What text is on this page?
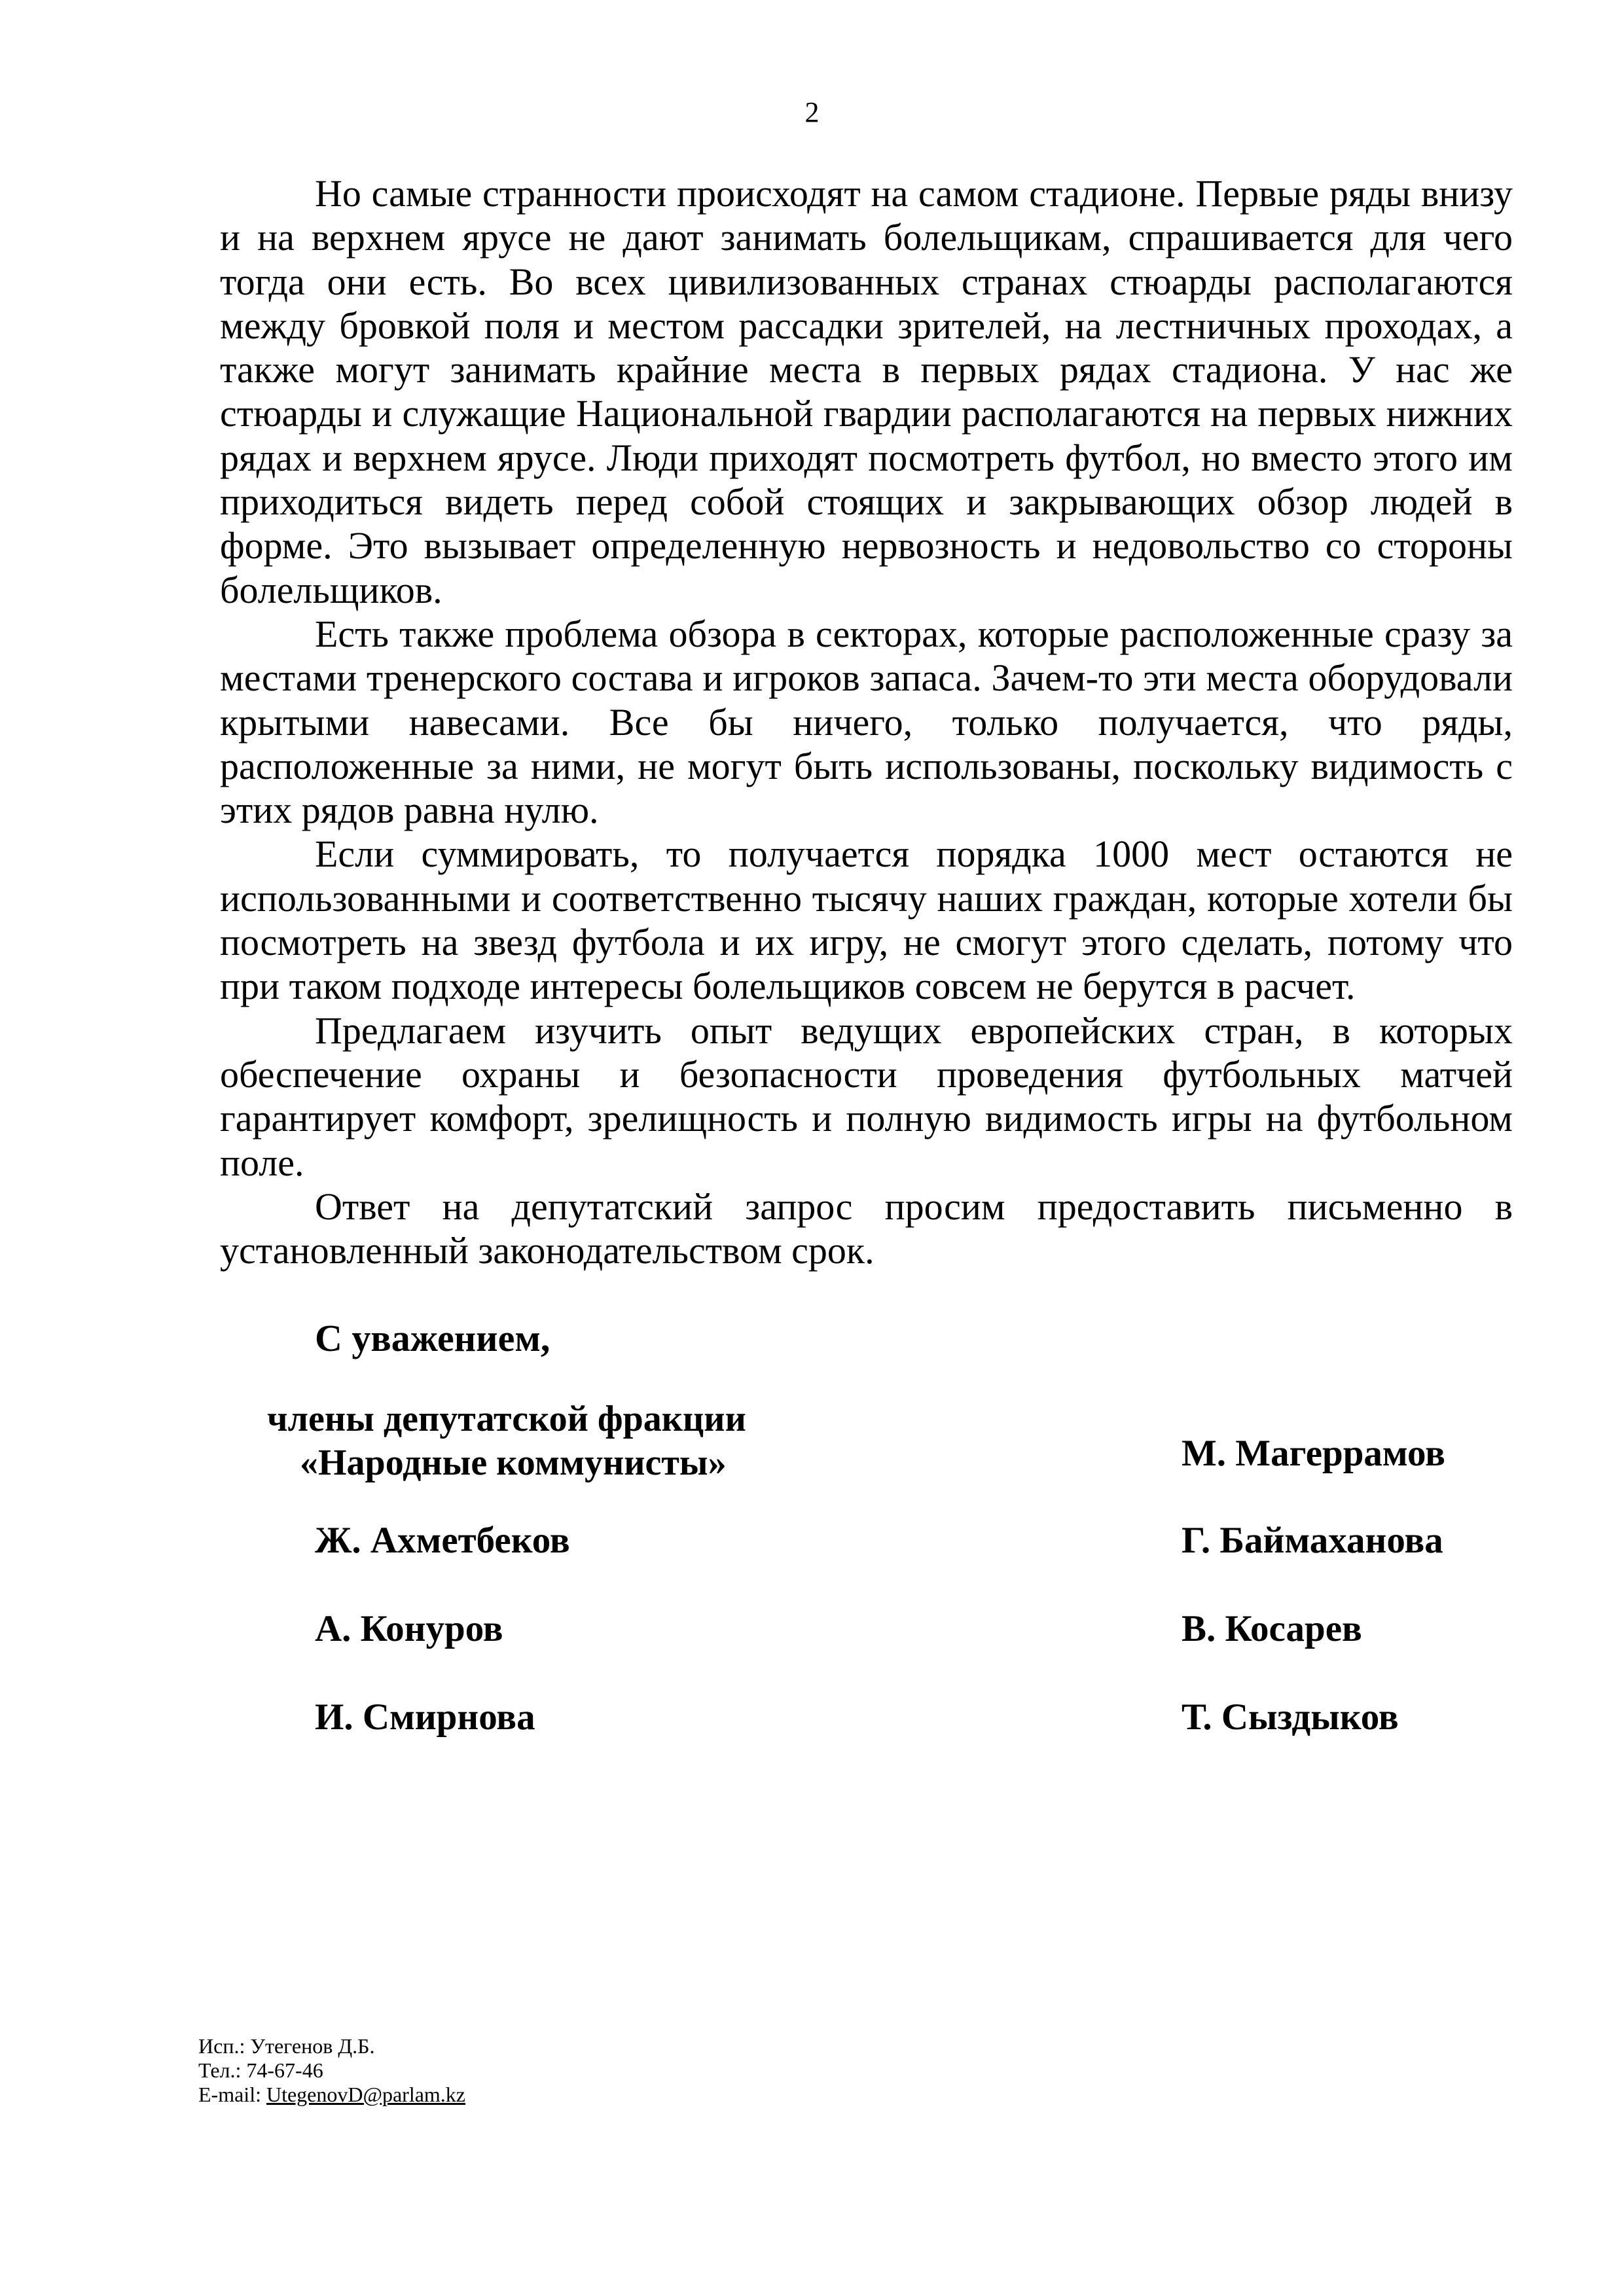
2

Но самые странности происходят на самом стадионе. Первые ряды внизу и на верхнем ярусе не дают занимать болельщикам, спрашивается для чего тогда они есть. Во всех цивилизованных странах стюарды располагаются между бровкой поля и местом рассадки зрителей, на лестничных проходах, а также могут занимать крайние места в первых рядах стадиона. У нас же стюарды и служащие Национальной гвардии располагаются на первых нижних рядах и верхнем ярусе. Люди приходят посмотреть футбол, но вместо этого им приходиться видеть перед собой стоящих и закрывающих обзор людей в форме. Это вызывает определенную нервозность и недовольство со стороны болельщиков.

Есть также проблема обзора в секторах, которые расположенные сразу за местами тренерского состава и игроков запаса. Зачем-то эти места оборудовали крытыми навесами. Все бы ничего, только получается, что ряды, расположенные за ними, не могут быть использованы, поскольку видимость с этих рядов равна нулю.

Если суммировать, то получается порядка 1000 мест остаются не использованными и соответственно тысячу наших граждан, которые хотели бы посмотреть на звезд футбола и их игру, не смогут этого сделать, потому что при таком подходе интересы болельщиков совсем не берутся в расчет.

Предлагаем изучить опыт ведущих европейских стран, в которых обеспечение охраны и безопасности проведения футбольных матчей гарантирует комфорт, зрелищность и полную видимость игры на футбольном поле.

Ответ на депутатский запрос просим предоставить письменно в установленный законодательством срок.

С уважением,
члены депутатской фракции
«Народные коммунисты»
Ж. Ахметбеков
А. Конуров
И. Смирнова
М. Магеррамов
Г. Баймаханова
В. Косарев
Т. Сыздыков
Исп.: Утегенов Д.Б.
Тел.: 74-67-46
E-mail: UtegenovD@parlam.kz
